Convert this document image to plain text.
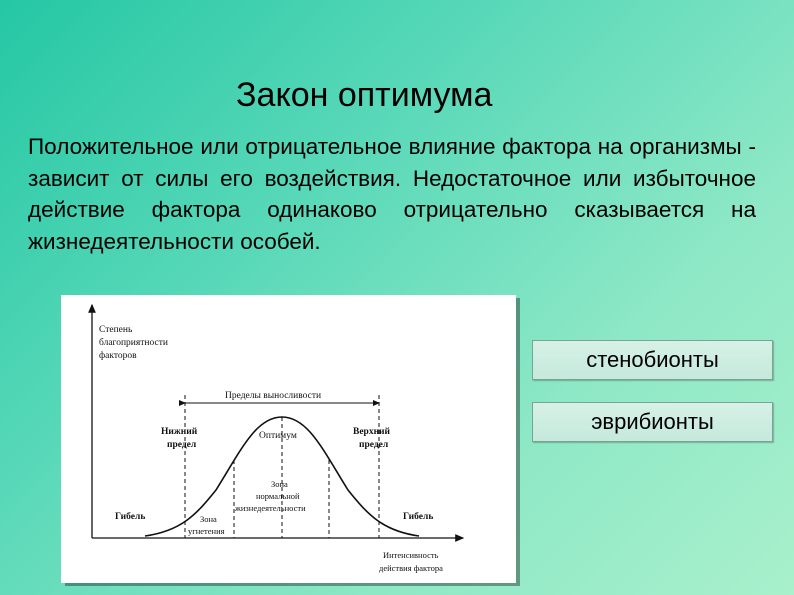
Закон оптимума
Положительное или отрицательное влияние фактора на организмы - зависит от силы его воздействия. Недостаточное или избыточное действие фактора одинаково отрицательно сказывается на жизнедеятельности особей.
Степень благоприятности факторов
Пределы выносливости
Нижний предел
Верхний предел
Оптимум
Зона нормальной жизнедеятельности
Зона угнетения
Гибель	Гибель
Интенсивность действия фактора
стенобионты
эврибионты
